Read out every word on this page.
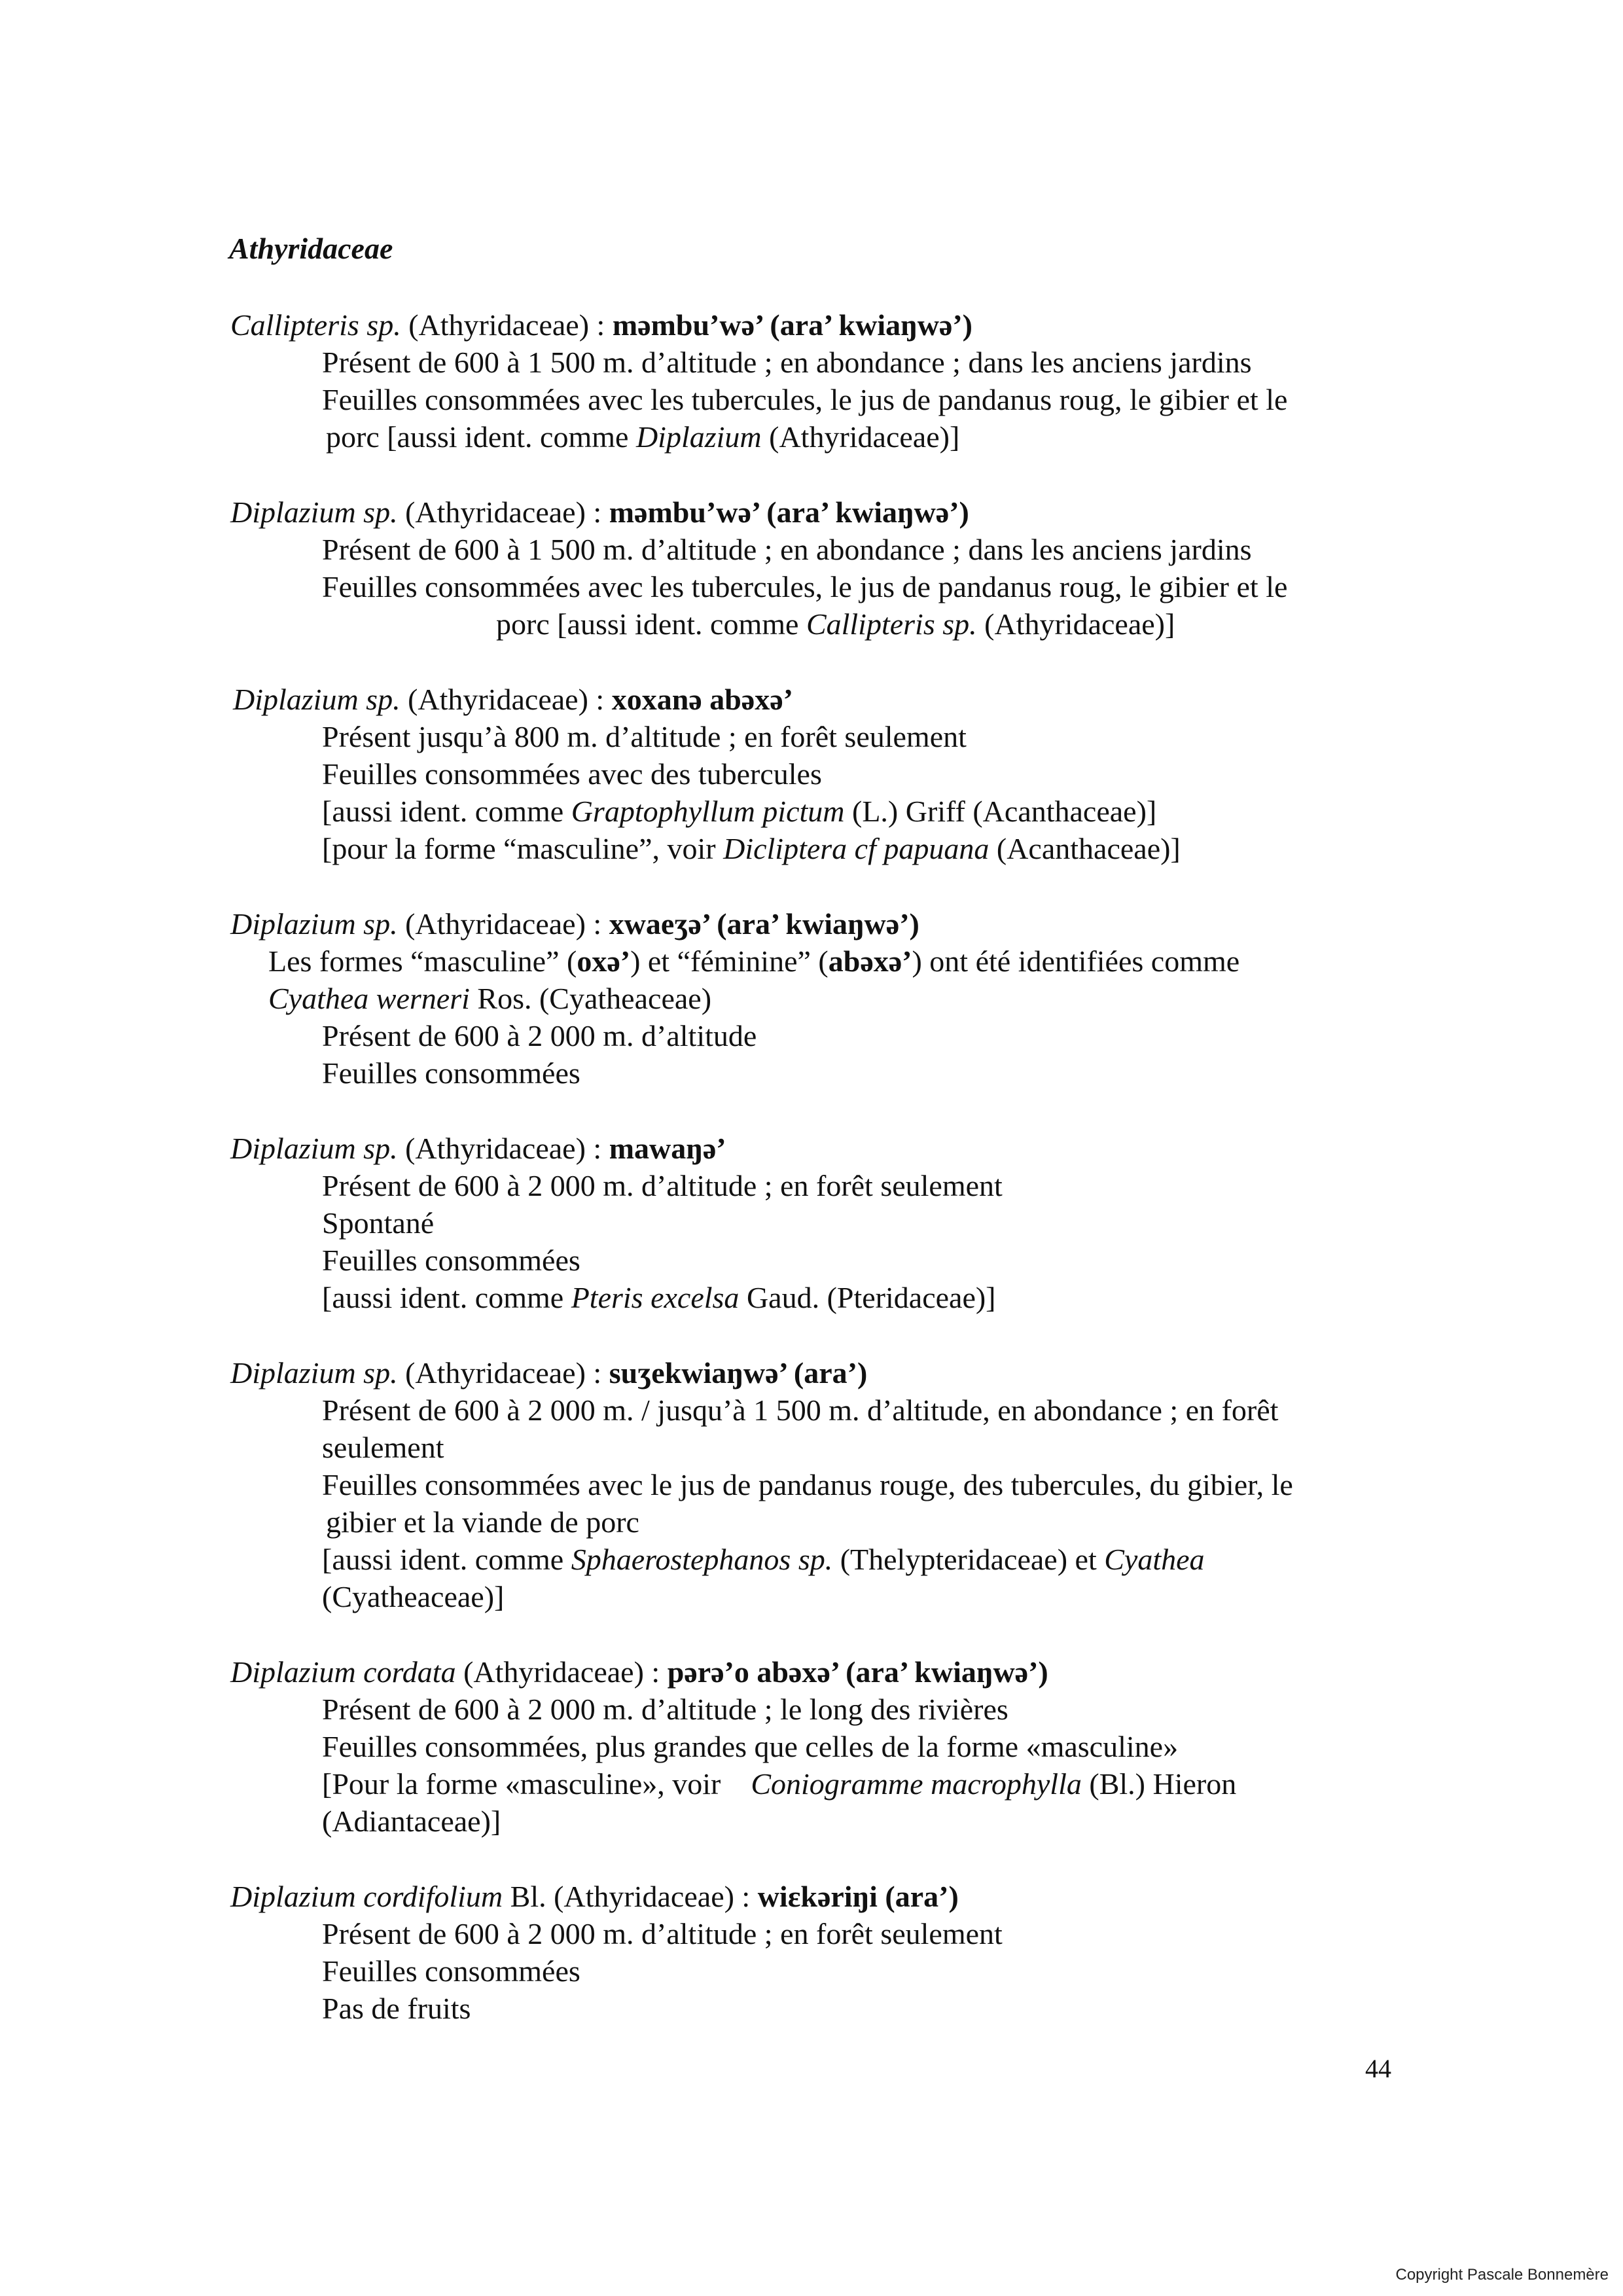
Athyridaceae
Callipteris sp. (Athyridaceae) : məmbu’wə’ (ara’ kwiaŋwə’)
Présent de 600 à 1 500 m. d’altitude ; en abondance ; dans les anciens jardins
Feuilles consommées avec les tubercules, le jus de pandanus roug, le gibier et le
porc [aussi ident. comme Diplazium (Athyridaceae)]
Diplazium sp. (Athyridaceae) : məmbu’wə’ (ara’ kwiaŋwə’)
Présent de 600 à 1 500 m. d’altitude ; en abondance ; dans les anciens jardins
Feuilles consommées avec les tubercules, le jus de pandanus roug, le gibier et le
porc [aussi ident. comme Callipteris sp. (Athyridaceae)]
Diplazium sp. (Athyridaceae) : xoxanə abəxə’
Présent jusqu’à 800 m. d’altitude ; en forêt seulement
Feuilles consommées avec des tubercules
[aussi ident. comme Graptophyllum pictum (L.) Griff (Acanthaceae)]
[pour la forme “masculine”, voir Dicliptera cf papuana (Acanthaceae)]
Diplazium sp. (Athyridaceae) : xwaeʒə’ (ara’ kwiaŋwə’)
Les formes “masculine” (oxə’) et “féminine” (abəxə’) ont été identifiées comme
Cyathea werneri Ros. (Cyatheaceae)
Présent de 600 à 2 000 m. d’altitude
Feuilles consommées
Diplazium sp. (Athyridaceae) : mawaŋə’
Présent de 600 à 2 000 m. d’altitude ; en forêt seulement
Spontané
Feuilles consommées
[aussi ident. comme Pteris excelsa Gaud. (Pteridaceae)]
Diplazium sp. (Athyridaceae) : suʒekwiaŋwə’ (ara’)
Présent de 600 à 2 000 m. / jusqu’à 1 500 m. d’altitude, en abondance ; en forêt
seulement
Feuilles consommées avec le jus de pandanus rouge, des tubercules, du gibier, le
gibier et la viande de porc
[aussi ident. comme Sphaerostephanos sp. (Thelypteridaceae) et Cyathea
(Cyatheaceae)]
Diplazium cordata (Athyridaceae) : pərə’o abəxə’ (ara’ kwiaŋwə’)
Présent de 600 à 2 000 m. d’altitude ; le long des rivières
Feuilles consommées, plus grandes que celles de la forme «masculine»
[Pour la forme «masculine», voir Coniogramme macrophylla (Bl.) Hieron
(Adiantaceae)]
Diplazium cordifolium Bl. (Athyridaceae) : wiεkəriŋi (ara’)
Présent de 600 à 2 000 m. d’altitude ; en forêt seulement
Feuilles consommées
Pas de fruits
44
Copyright Pascale Bonnemère
